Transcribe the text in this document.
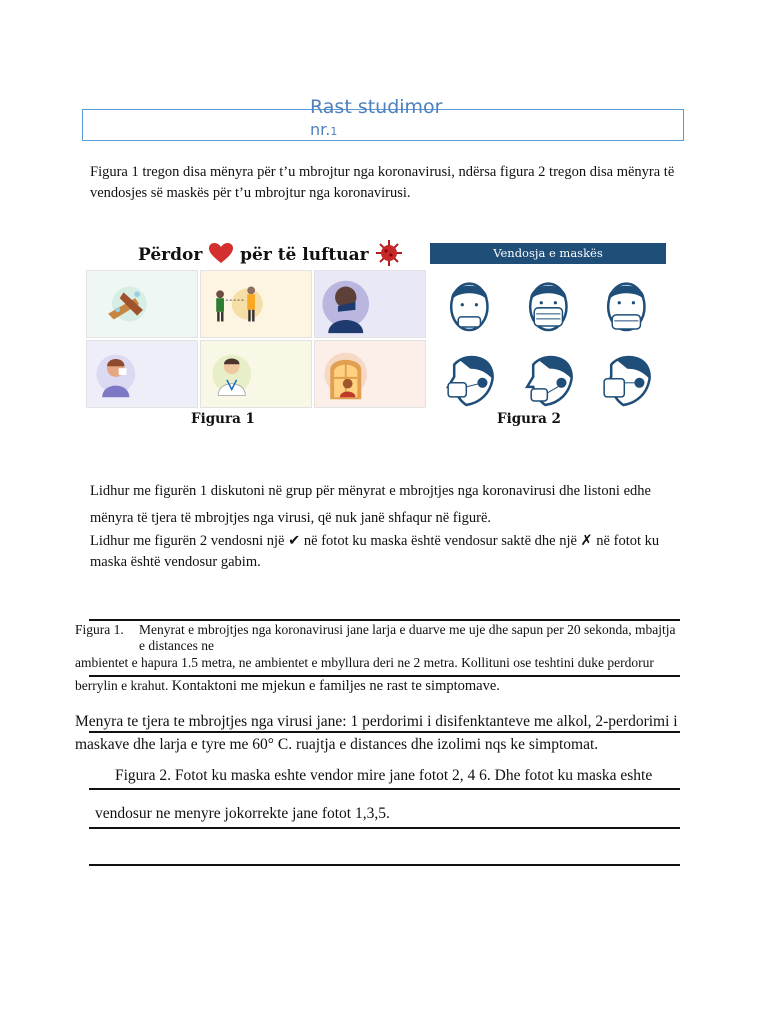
Rast studimor
nr.1
Figura 1 tregon disa mënyra për t’u mbrojtur nga koronavirusi, ndërsa figura 2 tregon disa mënyra të vendosjes së maskës për t’u mbrojtur nga koronavirusi.
Përdor për të luftuar
Figura 1
Vendosja e maskës
Figura 2
Lidhur me figurën 1 diskutoni në grup për mënyrat e mbrojtjes nga koronavirusi dhe listoni edhe mënyra të tjera të mbrojtjes nga virusi, që nuk janë shfaqur në figurë.
Lidhur me figurën 2 vendosni një ✔ në fotot ku maska është vendosur saktë dhe një ✗ në fotot ku maska është vendosur gabim.
Figura 1. Menyrat e mbrojtjes nga koronavirusi jane larja e duarve me uje dhe sapun per 20 sekonda, mbajtja e distances ne
ambientet e hapura 1.5 metra, ne ambientet e mbyllura deri ne 2 metra. Kollituni ose teshtini duke perdorur
berrylin e krahut. Kontaktoni me mjekun e familjes ne rast te simptomave.
Menyra te tjera te mbrojtjes nga virusi jane: 1 perdorimi i disifenktanteve me alkol, 2-perdorimi i maskave dhe larja e tyre me 60° C. ruajtja e distances dhe izolimi nqs ke simptomat.
Figura 2. Fotot ku maska eshte vendor mire jane fotot 2, 4 6. Dhe fotot ku maska eshte
vendosur ne menyre jokorrekte jane fotot 1,3,5.
